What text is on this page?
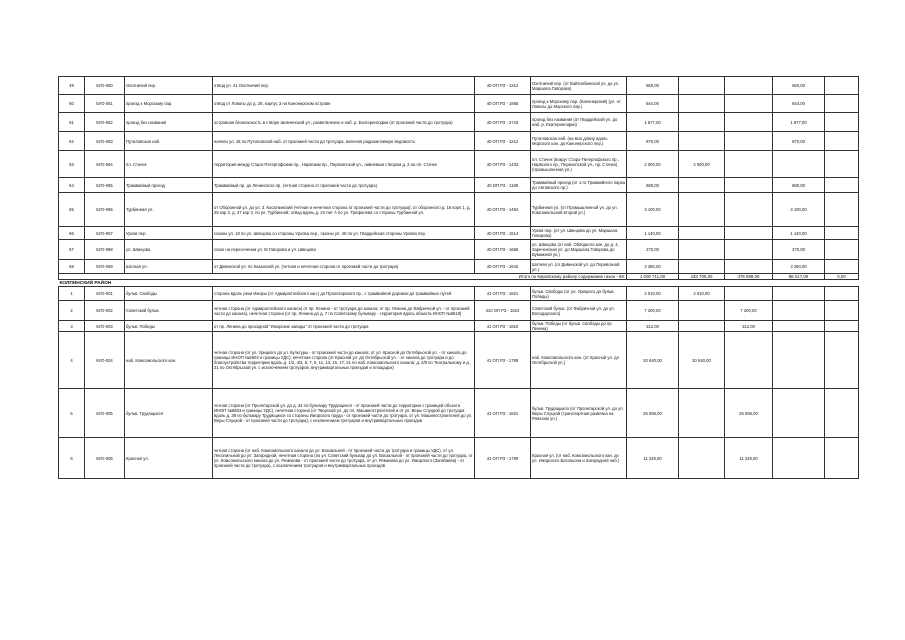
49	5УО-060	Охотничий пер.	отвод ул. 41 Охотничий пер.	40 ОП РЗ - 1312	Охотничий пер. (от Вайтиобинской ул. до ул. Маршала Говорова)	560,00			560,00	
60	5УО-061	проезд к Морскому пар.	отвод от Ловаты до д. 28, корпус 3 на Канонерском острове	40 ОП РЗ - 1865	проезд к Морскому пар. (Канонерский) (ул. от Ловаты до Морского пар.)	644,00			644,00	
61	5УО-062	проезд без названия	островная безопасность в створе Шевченской ул.; разветвление и наб. р. Екатерингофки (от проезжей части до тротуара)	40 ОП РЗ - 3733	проезд без названия (от Гвардейской ул. до наб. р. Екатерингофки)	1 677,00			1 677,00	
62	5УО-063	Путиловская наб.	налево ул. 18 по Путиловской наб. от проезжей части до тротуара, включая радиоактивную ведомость	40 ОП РЗ - 1212	Путиловская наб. (на всю длину вдоль Морского кан. до Канонерского пер.)	870,00			870,00	
63	5УО-064	пл. Стачек	территория между Старо-Петергофским пр., Нарвским пр., Перекопской ул., ливневым створом д. 2 на пл. Стачек	40 ОП РЗ - 1433	пл. Стачек (вокруг Старо-Петергофского пр., Нарвского пр., Перекопской ул., пр. Стачек) (промышленная ул.)	2 000,00	2 000,00			
64	5УО-065	Трамвайный проезд	Трамвайный пр. до Ленинского пр. (четная сторона от проезжей части до тротуара)	40 ОП РЗ - 1189	Трамвайный проезд (от 1-го Трамвайного парка до Автовского пр.)	680,00			680,00	
65	5УО-066	Турбинная ул.	от Оборонной ул. до ул. 3. Косаткинский (четная и нечетная сторона от проезжей части до тротуара); от оборонного д. 16 корп 1, д. 25 кор 3, д. 27 кор 3, по ул. Турбинной; отвод вдоль д. 23 лит А по ул. Трефолева со стороны Турбинной ул.	40 ОП РЗ - 1494	Турбинная ул. (от Промышленной ул. до ул. Комсомольской второй ул.)	3 100,00			3 100,00	
66	5УО-067	Урхов пер.	газоны ул. 18 по ул. Швецова со стороны Урхова пер., газоны ул. 40 по ул. Гвардейская стороны Урхова пер.	40 ОП РЗ - 1514	Урхов пер. (от ул. Швецова до ул. Маршала Говорова)	1 140,00			1 140,00	
67	5УО-068	ул. Швецова	газон на пересечении ул. М Говорова и ул. Швецова	40 ОП РЗ - 1668	ул. Швецова (от наб. Обводного кан. до д. 4, Зареченская ул. до Маршала Говорова до Бумажной ул.)	270,00			270,00	
68	5УО-069	Шотная ул.	от Дивенской ул. по Казанской ул. (четная и нечетная сторона от проезжей части до тротуара)	40 ОП РЗ - 1642	Шотная ул. (от Дивенской ул. до Перевозной ул.)	3 280,00			3 280,00	
Итого по Кировскому району содержание газон - 68:						1 000 711,00	433 705,00	476 989,00	88 017,00	0,00
КОЛПИНСКИЙ РАЙОН										
1	6УО-001	бульв. Свободы	сторона вдоль реки Ижоры (от Адмиралтейского кан.) до Пролетарского пр., с трамвайной дорожки до трамвайных путей	41 ОП РЗ - 1821	бульв. Свободы (от ул. Урицкого до бульв. Победы)	2 010,00	2 010,00			
2	6УО-002	Советский бульв.	четная сторона (от Адмиралтейского канала) от пр. Ленина - от тротуара до канала; от пр. Ленина до Фабричной ул. - от проезжей части до канала), нечетная сторона (от пр. Ленина до д. 7 по Советскому бульвару - территория вдоль объекта ИНОП №6618)	410 ОП РЗ - 1824	Советский бульв. (от Фабричной ул. до ул. Володарского)	7 200,00		7 200,00		
3	6УО-003	бульв. Победы	от пр. Ленина до проходной "Ижорские заводы" от проезжей части до тротуара	41 ОП РЗ - 1810	бульв. Победы (от бульв. Свободы до пр. Ленина)	312,00		312,00		
4	6УО-004	наб. Комсомольского кан.	четная сторона (от ул. Урицкого до ул. Культуры - от проезжей части до канала; от ул. Красной до Октябрьской ул. - от канала до границы ИНОП №6603 и границы УДС); нечетная сторона (от Красной ул. до Октябрьской ул. - от канала до тротуара и до благоустройства территории вдоль д. 1/2, 4/3, 5, 7, 9, 11, 13, 15, 17, 21 по наб. Комсомольского канала; д. 2/8 по Театральному и д. 21 по Октябрьской ул. с исключением тротуаров, внутриквартальных проездов и площадок)	41 ОП РЗ - 1789	наб. Комсомольского кан. (от Красной ул. до Октябрьской ул.)	20 640,00	20 640,00			
5	6УО-005	бульв. Трудящихся	четная сторона (от Пролетарской ул. до д. 34 по бульвару Трудящихся - от проезжей части до территории с границей объекта ИНОП №6603 и границы УДС), нечетная сторона (от Тверской ул. до пл. Машиностроителей и от ул. Веры Слуцкой до тротуара вдоль д. 39 по бульвару Трудящихся со стороны Ижорского пруда - от проезжей части до тротуара, от ул. Машиностроителей до ул. Веры Слуцкой - от проезжей части до тротуара), с исключением тротуаров и внутриквартальных проездов	41 ОП РЗ - 1831	бульв. Трудящихся (от Пролетарской ул. до ул. Веры Слуцкой (транспортная развязка на Ряжском ул.)	26 556,00		26 556,00		
6	6УО-006	Красная ул.	четная сторона (от наб. Комсомольского канала до ул. Вокзальной - от проезжей части до тротуара и границы УДС), от ул. Лесопильной до ул. Загородной; нечетная сторона (по ул. Советский бульвар до ул. Вокзальной - от проезжей части до тротуара, от ул. Комсомольского канала до ул. Ремизова - от проезжей части до тротуара, от ул. Ремизова до ул. Ижорского (Загибаева) - от проезжей части до тротуара), с исключением тротуаров и внутриквартальных проездов	41 ОП РЗ - 1790	Красная ул. (от наб. Комсомольского кан. до ул. Ижорского Батальона и Загородной наб.)	11 229,00		11 229,00		
